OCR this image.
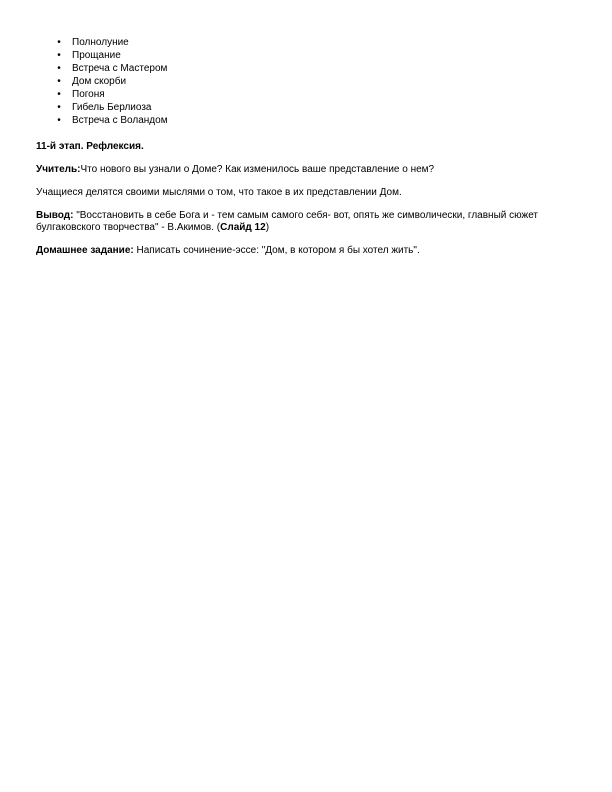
• Полнолуние
• Прощание
• Встреча с Мастером
• Дом скорби
• Погоня
• Гибель Берлиоза
• Встреча с Воландом

11-й этап. Рефлексия.

Учитель:Что нового вы узнали о Доме? Как изменилось ваше представление о нем?

Учащиеся делятся своими мыслями о том, что такое в их представлении Дом.

Вывод: "Восстановить в себе Бога и - тем самым самого себя- вот, опять же символически, главный сюжет
булгаковского творчества" - В.Акимов. (Слайд 12)

Домашнее задание: Написать сочинение-эссе: "Дом, в котором я бы хотел жить".
